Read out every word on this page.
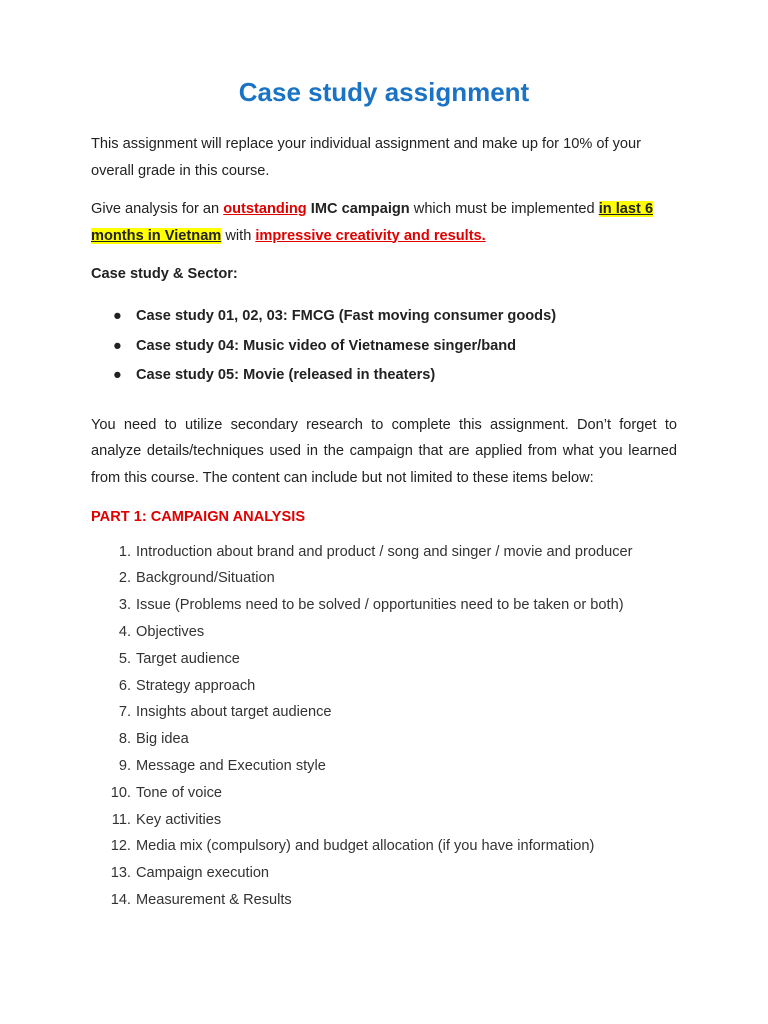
Case study assignment

This assignment will replace your individual assignment and make up for 10% of your overall grade in this course.

Give analysis for an outstanding IMC campaign which must be implemented in last 6 months in Vietnam with impressive creativity and results.

Case study & Sector:

● Case study 01, 02, 03: FMCG (Fast moving consumer goods)
● Case study 04: Music video of Vietnamese singer/band
● Case study 05: Movie (released in theaters)

You need to utilize secondary research to complete this assignment. Don’t forget to analyze details/techniques used in the campaign that are applied from what you learned from this course. The content can include but not limited to these items below:

PART 1: CAMPAIGN ANALYSIS

1. Introduction about brand and product / song and singer / movie and producer
2. Background/Situation
3. Issue (Problems need to be solved / opportunities need to be taken or both)
4. Objectives
5. Target audience
6. Strategy approach
7. Insights about target audience
8. Big idea
9. Message and Execution style
10. Tone of voice
11. Key activities
12. Media mix (compulsory) and budget allocation (if you have information)
13. Campaign execution
14. Measurement & Results
